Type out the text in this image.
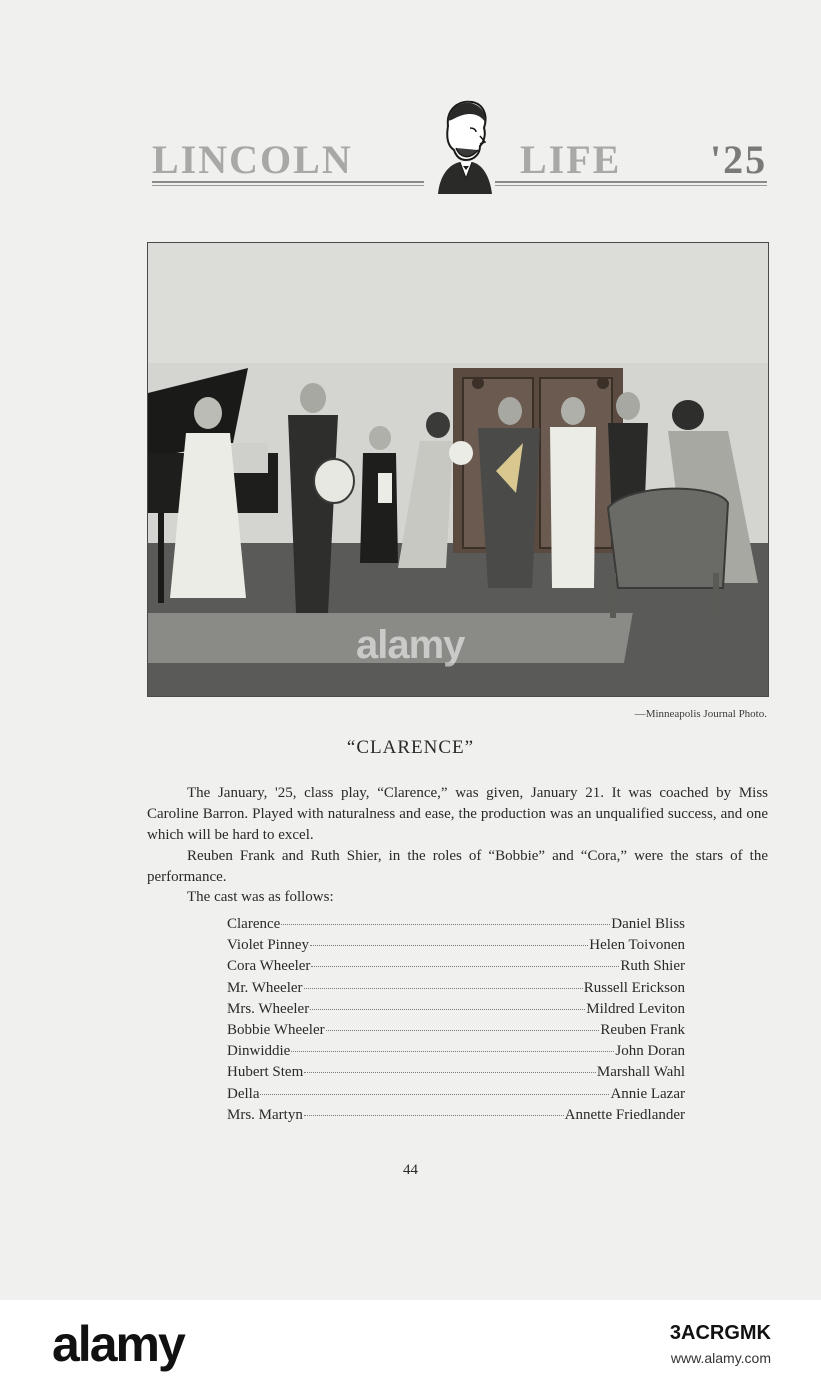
LINCOLN	LIFE '25
alamy
—Minneapolis Journal Photo.
“CLARENCE”

The January, '25, class play, “Clarence,” was given, January 21. It was coached by Miss Caroline Barron. Played with naturalness and ease, the production was an unqualified success, and one which will be hard to excel.

Reuben Frank and Ruth Shier, in the roles of “Bobbie” and “Cora,” were the stars of the performance.

The cast was as follows:

Clarence	Daniel Bliss
Violet Pinney	Helen Toivonen
Cora Wheeler	Ruth Shier
Mr. Wheeler	Russell Erickson
Mrs. Wheeler	Mildred Leviton
Bobbie Wheeler	Reuben Frank
Dinwiddie	John Doran
Hubert Stem	Marshall Wahl
Della	Annie Lazar
Mrs. Martyn	Annette Friedlander
44
alamy	3ACRGMK
www.alamy.com
